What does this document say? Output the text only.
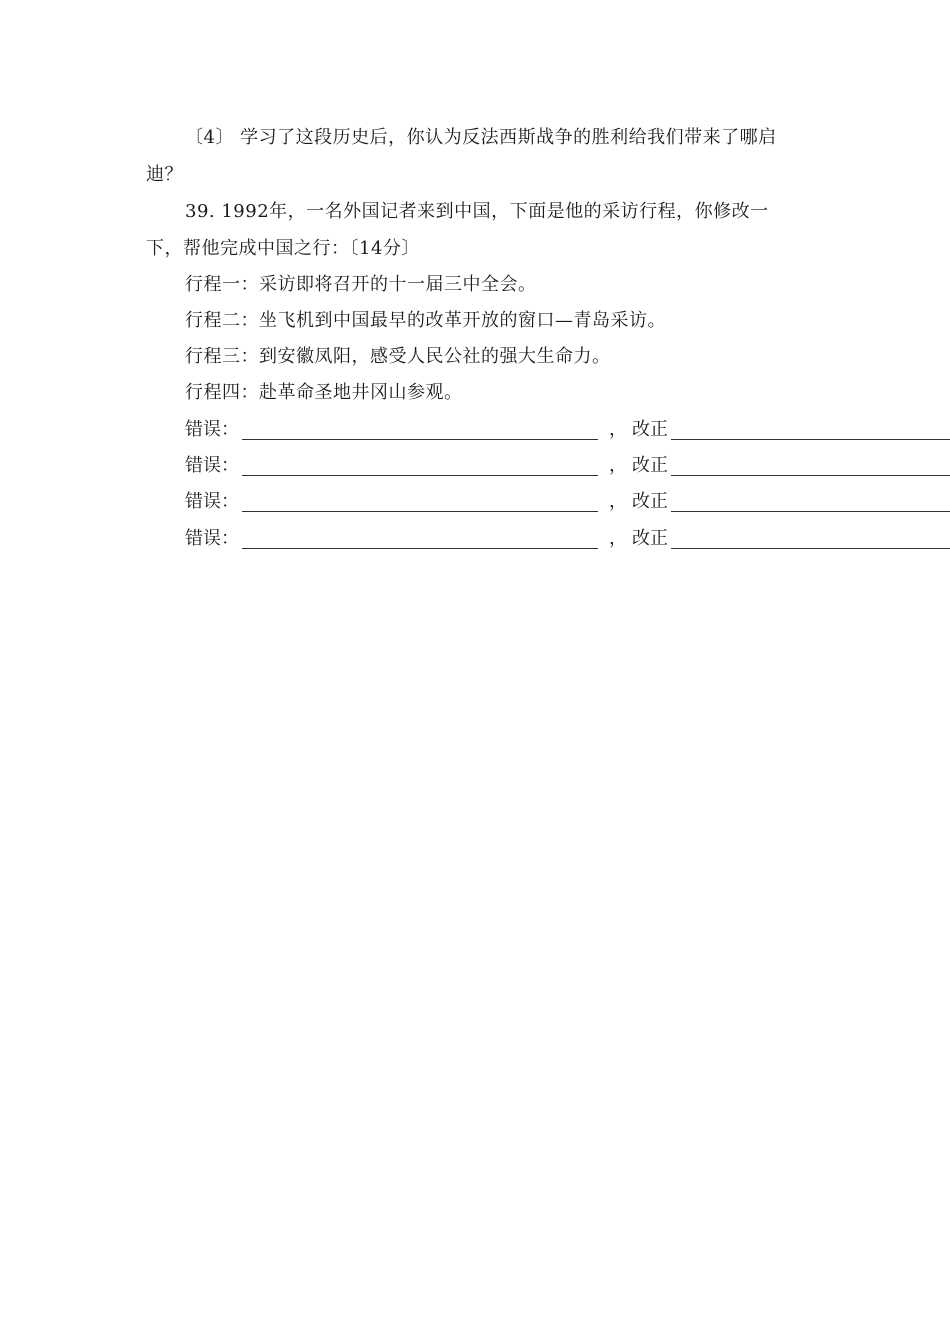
〔4〕 学习了这段历史后，你认为反法西斯战争的胜利给我们带来了哪启
迪？
39. 1992年，一名外国记者来到中国，下面是他的采访行程，你修改一
下，帮他完成中国之行：〔14分〕
行程一：采访即将召开的十一届三中全会。
行程二：坐飞机到中国最早的改革开放的窗口—青岛采访。
行程三：到安徽凤阳，感受人民公社的强大生命力。
行程四：赴革命圣地井冈山参观。
错误：	， 改正
错误：	， 改正
错误：	， 改正
错误：	， 改正
